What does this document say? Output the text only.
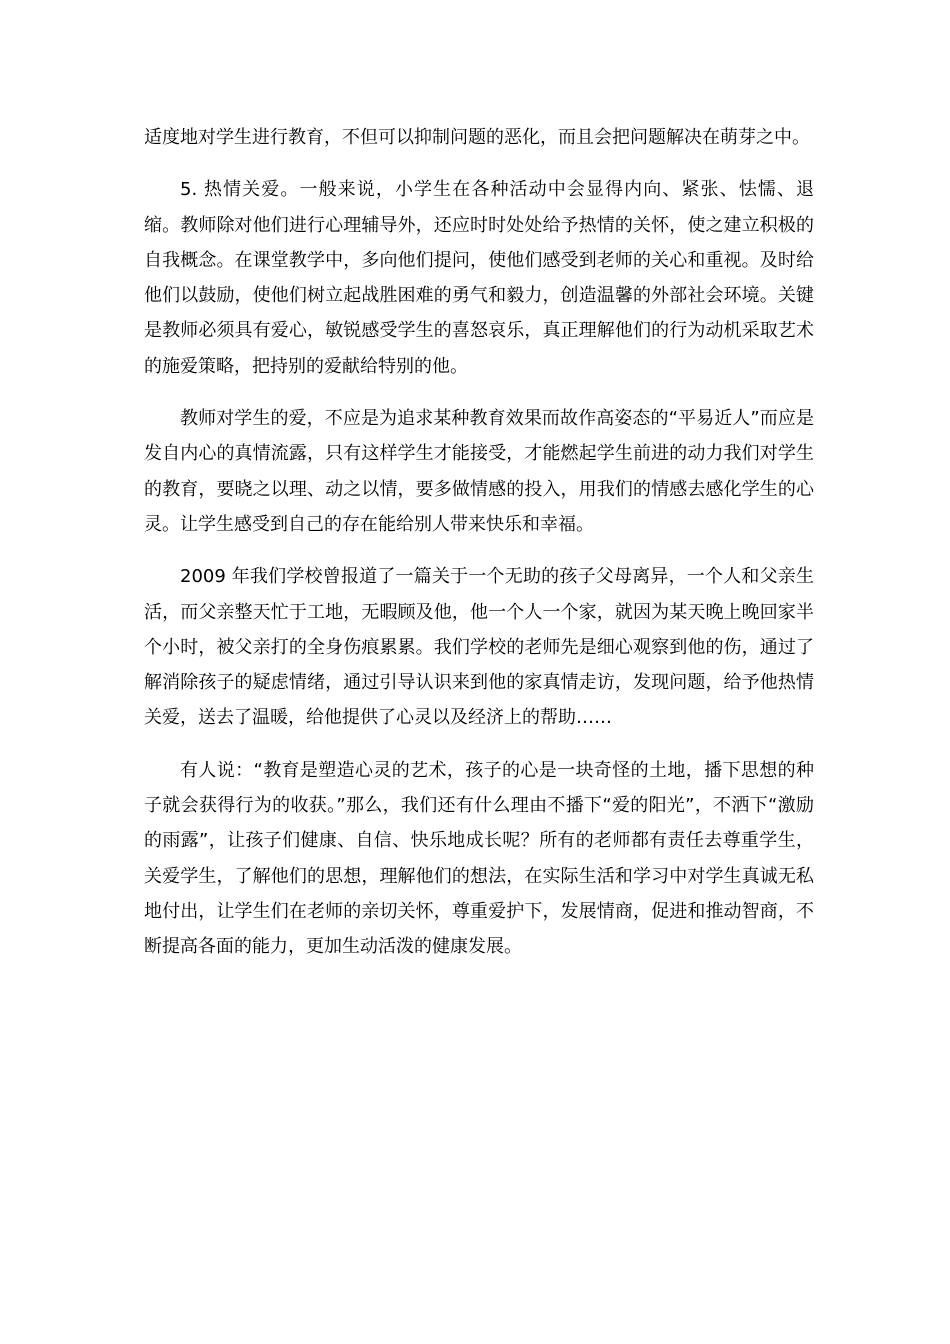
适度地对学生进行教育，不但可以抑制问题的恶化，而且会把问题解决在萌芽之中。

5. 热情关爱。一般来说，小学生在各种活动中会显得内向、紧张、怯懦、退缩。教师除对他们进行心理辅导外，还应时时处处给予热情的关怀，使之建立积极的自我概念。在课堂教学中，多向他们提问，使他们感受到老师的关心和重视。及时给他们以鼓励，使他们树立起战胜困难的勇气和毅力，创造温馨的外部社会环境。关键是教师必须具有爱心，敏锐感受学生的喜怒哀乐，真正理解他们的行为动机采取艺术的施爱策略，把持别的爱献给特别的他。

教师对学生的爱，不应是为追求某种教育效果而故作高姿态的“平易近人”而应是发自内心的真情流露，只有这样学生才能接受，才能燃起学生前进的动力我们对学生的教育，要晓之以理、动之以情，要多做情感的投入，用我们的情感去感化学生的心灵。让学生感受到自己的存在能给别人带来快乐和幸福。

2009 年我们学校曾报道了一篇关于一个无助的孩子父母离异，一个人和父亲生活，而父亲整天忙于工地，无暇顾及他，他一个人一个家，就因为某天晚上晚回家半个小时，被父亲打的全身伤痕累累。我们学校的老师先是细心观察到他的伤，通过了解消除孩子的疑虑情绪，通过引导认识来到他的家真情走访，发现问题，给予他热情关爱，送去了温暖，给他提供了心灵以及经济上的帮助……

有人说：“教育是塑造心灵的艺术，孩子的心是一块奇怪的土地，播下思想的种子就会获得行为的收获。”那么，我们还有什么理由不播下“爱的阳光”，不洒下“激励的雨露”，让孩子们健康、自信、快乐地成长呢？所有的老师都有责任去尊重学生，关爱学生，了解他们的思想，理解他们的想法，在实际生活和学习中对学生真诚无私地付出，让学生们在老师的亲切关怀，尊重爱护下，发展情商，促进和推动智商，不断提高各面的能力，更加生动活泼的健康发展。
